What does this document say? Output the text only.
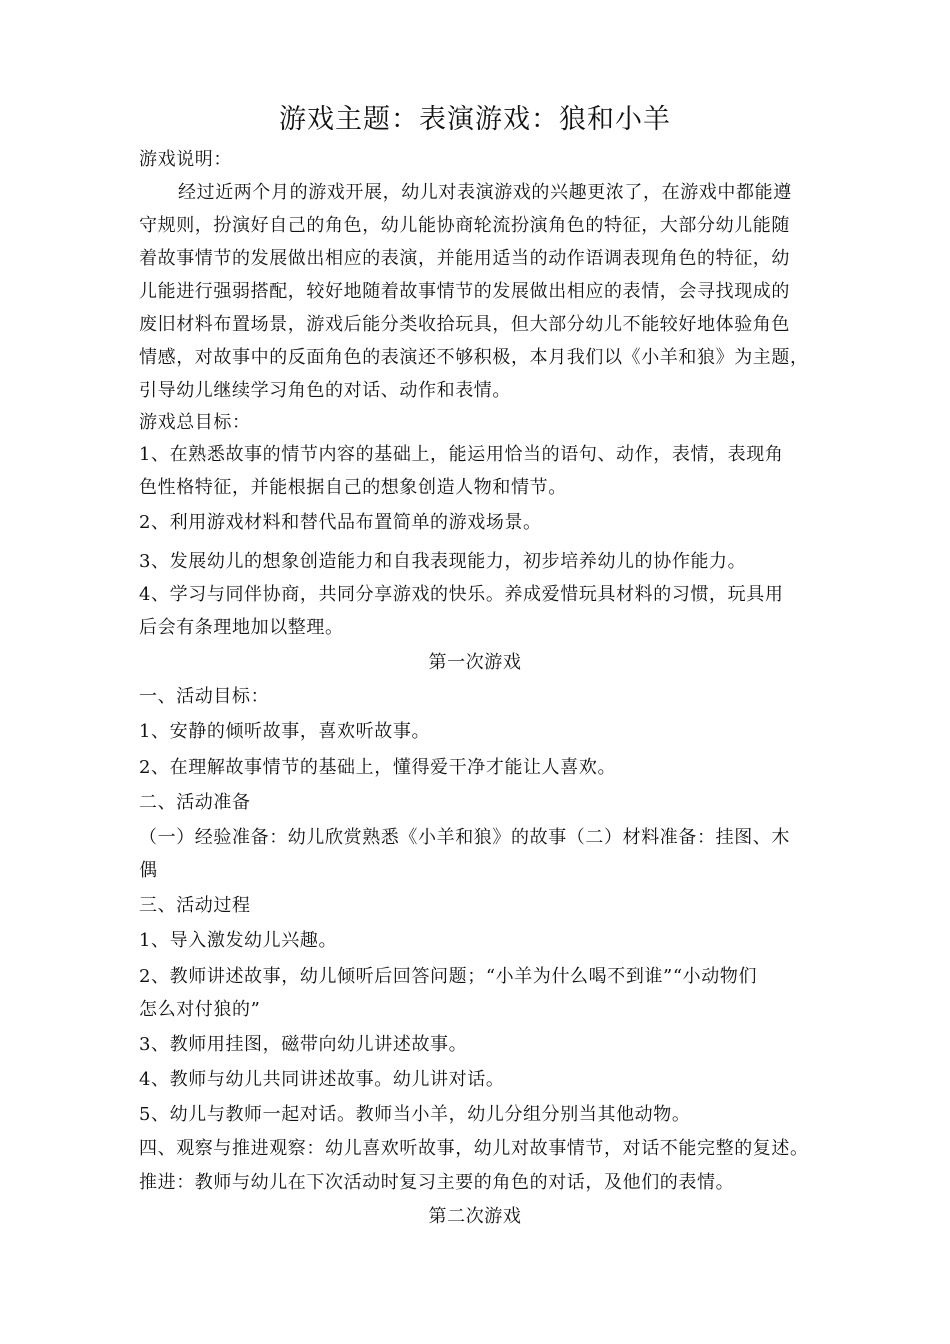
游戏主题：表演游戏：狼和小羊
游戏说明：
经过近两个月的游戏开展，幼儿对表演游戏的兴趣更浓了，在游戏中都能遵
守规则，扮演好自己的角色，幼儿能协商轮流扮演角色的特征，大部分幼儿能随
着故事情节的发展做出相应的表演，并能用适当的动作语调表现角色的特征，幼
儿能进行强弱搭配，较好地随着故事情节的发展做出相应的表情，会寻找现成的
废旧材料布置场景，游戏后能分类收拾玩具，但大部分幼儿不能较好地体验角色
情感，对故事中的反面角色的表演还不够积极，本月我们以《小羊和狼》为主题，
引导幼儿继续学习角色的对话、动作和表情。
游戏总目标：
1、在熟悉故事的情节内容的基础上，能运用恰当的语句、动作，表情，表现角
色性格特征，并能根据自己的想象创造人物和情节。
2、利用游戏材料和替代品布置简单的游戏场景。
3、发展幼儿的想象创造能力和自我表现能力，初步培养幼儿的协作能力。
4、学习与同伴协商，共同分享游戏的快乐。养成爱惜玩具材料的习惯，玩具用
后会有条理地加以整理。
第一次游戏
一、活动目标：
1、安静的倾听故事，喜欢听故事。
2、在理解故事情节的基础上，懂得爱干净才能让人喜欢。
二、活动准备
（一）经验准备：幼儿欣赏熟悉《小羊和狼》的故事（二）材料准备：挂图、木
偶
三、活动过程
1、导入激发幼儿兴趣。
2、教师讲述故事，幼儿倾听后回答问题；“小羊为什么喝不到谁”“小动物们
怎么对付狼的”
3、教师用挂图，磁带向幼儿讲述故事。
4、教师与幼儿共同讲述故事。幼儿讲对话。
5、幼儿与教师一起对话。教师当小羊，幼儿分组分别当其他动物。
四、观察与推进观察：幼儿喜欢听故事，幼儿对故事情节，对话不能完整的复述。
推进：教师与幼儿在下次活动时复习主要的角色的对话，及他们的表情。
第二次游戏
